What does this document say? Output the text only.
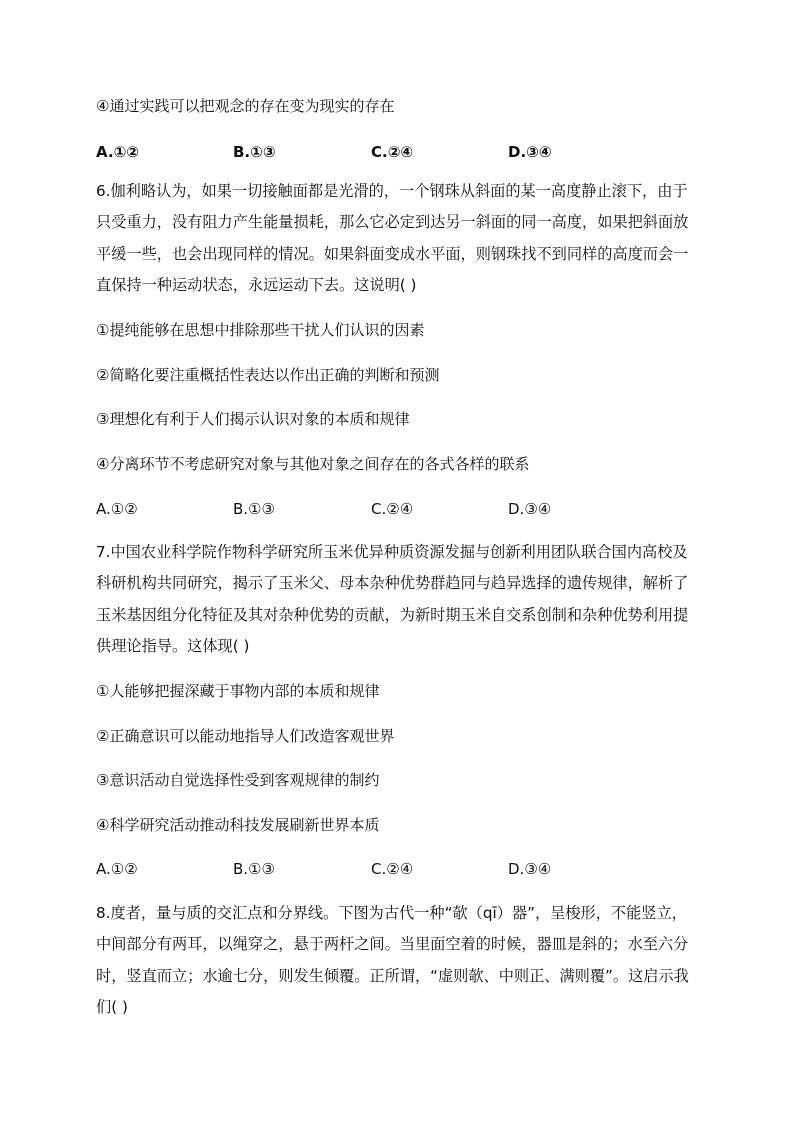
④通过实践可以把观念的存在变为现实的存在
A.①②	B.①③	C.②④	D.③④
6.伽利略认为，如果一切接触面都是光滑的，一个钢珠从斜面的某一高度静止滚下，由于只受重力，没有阻力产生能量损耗，那么它必定到达另一斜面的同一高度，如果把斜面放平缓一些，也会出现同样的情况。如果斜面变成水平面，则钢珠找不到同样的高度而会一直保持一种运动状态，永远运动下去。这说明( )
①提纯能够在思想中排除那些干扰人们认识的因素
②简略化要注重概括性表达以作出正确的判断和预测
③理想化有利于人们揭示认识对象的本质和规律
④分离环节不考虑研究对象与其他对象之间存在的各式各样的联系
A.①②	B.①③	C.②④	D.③④
7.中国农业科学院作物科学研究所玉米优异种质资源发掘与创新利用团队联合国内高校及科研机构共同研究，揭示了玉米父、母本杂种优势群趋同与趋异选择的遗传规律，解析了玉米基因组分化特征及其对杂种优势的贡献，为新时期玉米自交系创制和杂种优势利用提供理论指导。这体现( )
①人能够把握深藏于事物内部的本质和规律
②正确意识可以能动地指导人们改造客观世界
③意识活动自觉选择性受到客观规律的制约
④科学研究活动推动科技发展刷新世界本质
A.①②	B.①③	C.②④	D.③④
8.度者，量与质的交汇点和分界线。下图为古代一种“欹（qī）器”，呈梭形，不能竖立，中间部分有两耳，以绳穿之，悬于两杆之间。当里面空着的时候，器皿是斜的；水至六分时，竖直而立；水逾七分，则发生倾覆。正所谓，“虚则欹、中则正、满则覆”。这启示我们( )
